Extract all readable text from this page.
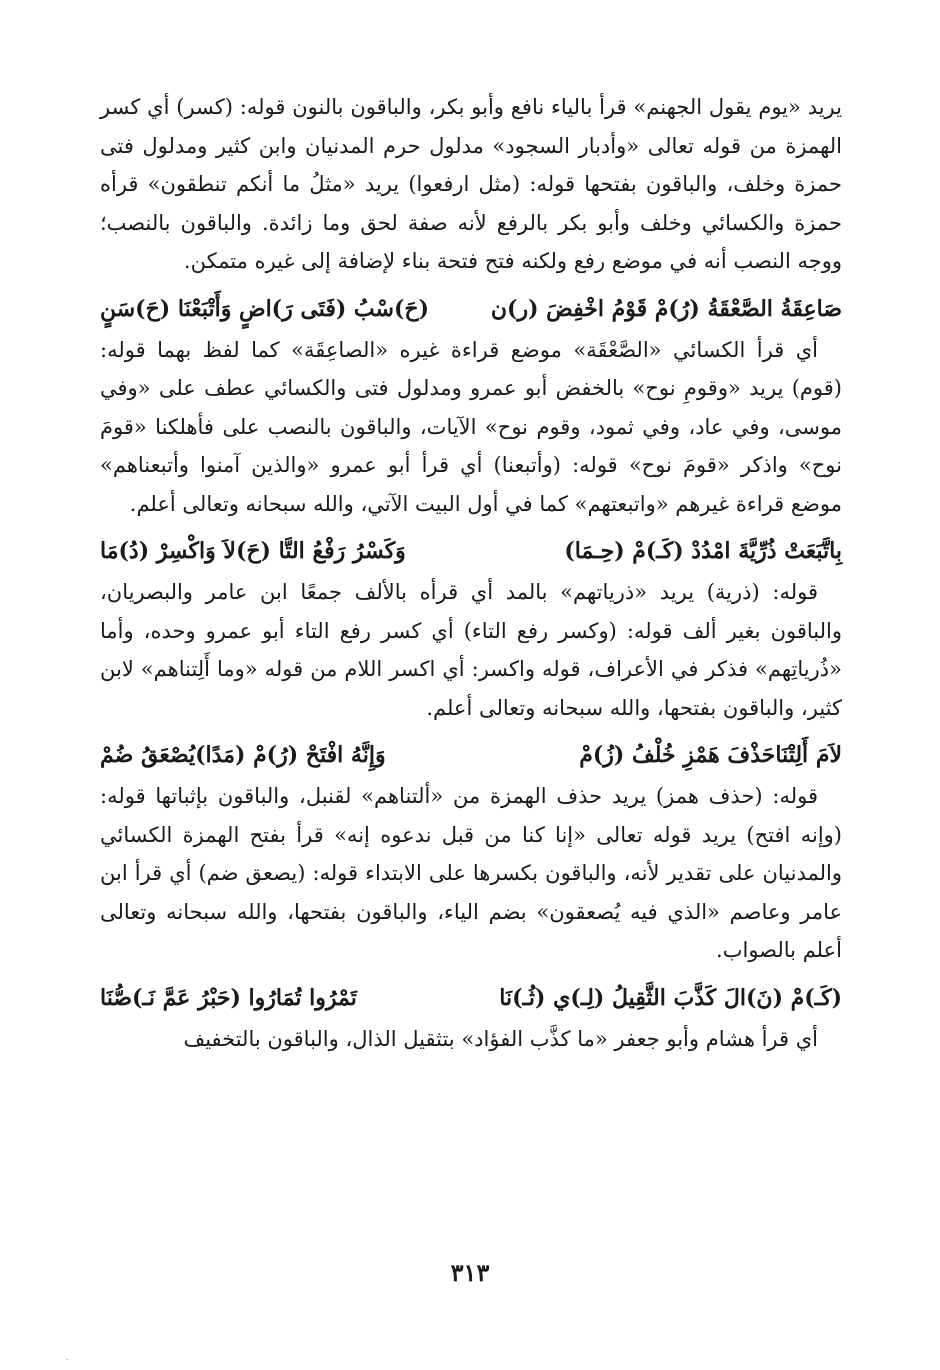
يريد «يوم يقول الجهنم» قرأ بالياء نافع وأبو بكر، والباقون بالنون قوله: (كسر) أي كسر الهمزة من قوله تعالى «وأدبار السجود» مدلول حرم المدنيان وابن كثير ومدلول فتى حمزة وخلف، والباقون بفتحها قوله: (مثل ارفعوا) يريد «مثلُ ما أنكم تنطقون» قرأه حمزة والكسائي وخلف وأبو بكر بالرفع لأنه صفة لحق وما زائدة. والباقون بالنصب؛ ووجه النصب أنه في موضع رفع ولكنه فتح فتحة بناء لإضافة إلى غيره متمكن.

صَاعِقَةُ الصَّعْقَةُ (رُ)مْ قَوْمُ اخْفِضَ (ر)ن
(حَ)سْبُ (فَتَى رَ)اضٍ وَأَتْبَعْنَا (حَ)سَنٍ

أي قرأ الكسائي «الصَّعْقَة» موضع قراءة غيره «الصاعِقَة» كما لفظ بهما قوله: (قوم) يريد «وقومِ نوح» بالخفض أبو عمرو ومدلول فتى والكسائي عطف على «وفي موسى، وفي عاد، وفي ثمود، وقوم نوح» الآيات، والباقون بالنصب على فأهلكنا «قومَ نوح» واذكر «قومَ نوح» قوله: (وأتبعنا) أي قرأ أبو عمرو «والذين آمنوا وأتبعناهم» موضع قراءة غيرهم «واتبعتهم» كما في أول البيت الآتي، والله سبحانه وتعالى أعلم.

بِاتَّبَعَتْ ذُرِّيَّةَ امْدُدْ (كَـ)مْ (حِـمَا)
وَكَسْرُ رَفْعُ التَّا (حَ)لاَ وَاكْسِرْ (دُ)مَا

قوله: (ذرية) يريد «ذرياتهم» بالمد أي قرأه بالألف جمعًا ابن عامر والبصريان، والباقون بغير ألف قوله: (وكسر رفع التاء) أي كسر رفع التاء أبو عمرو وحده، وأما «ذُرياتِهم» فذكر في الأعراف، قوله واكسر: أي اكسر اللام من قوله «وما أَلِتناهم» لابن كثير، والباقون بفتحها، والله سبحانه وتعالى أعلم.

لاَمَ أَلِتْنَاحَذْفَ هَمْزِ خُلْفُ (زُ)مْ
وَإِنَّهُ افْتَحْ (رُ)مْ (مَدًا)يُصْعَقُ ضُمْ

قوله: (حذف همز) يريد حذف الهمزة من «ألتناهم» لقنبل، والباقون بإثباتها قوله: (وإنه افتح) يريد قوله تعالى «إنا كنا من قبل ندعوه إنه» قرأ بفتح الهمزة الكسائي والمدنيان على تقدير لأنه، والباقون بكسرها على الابتداء قوله: (يصعق ضم) أي قرأ ابن عامر وعاصم «الذي فيه يُصعقون» بضم الياء، والباقون بفتحها، والله سبحانه وتعالى أعلم بالصواب.

(كَـ)مْ (نَ)الَ كَذَّبَ الثَّقِيلُ (لِـ)ي (ثُـ)نَا
تَمْرُوا تُمَارُوا (حَبْرُ عَمَّ نَـ)صُّنَا

أي قرأ هشام وأبو جعفر «ما كذَّب الفؤاد» بتثقيل الذال، والباقون بالتخفيف

٣١٣
.
